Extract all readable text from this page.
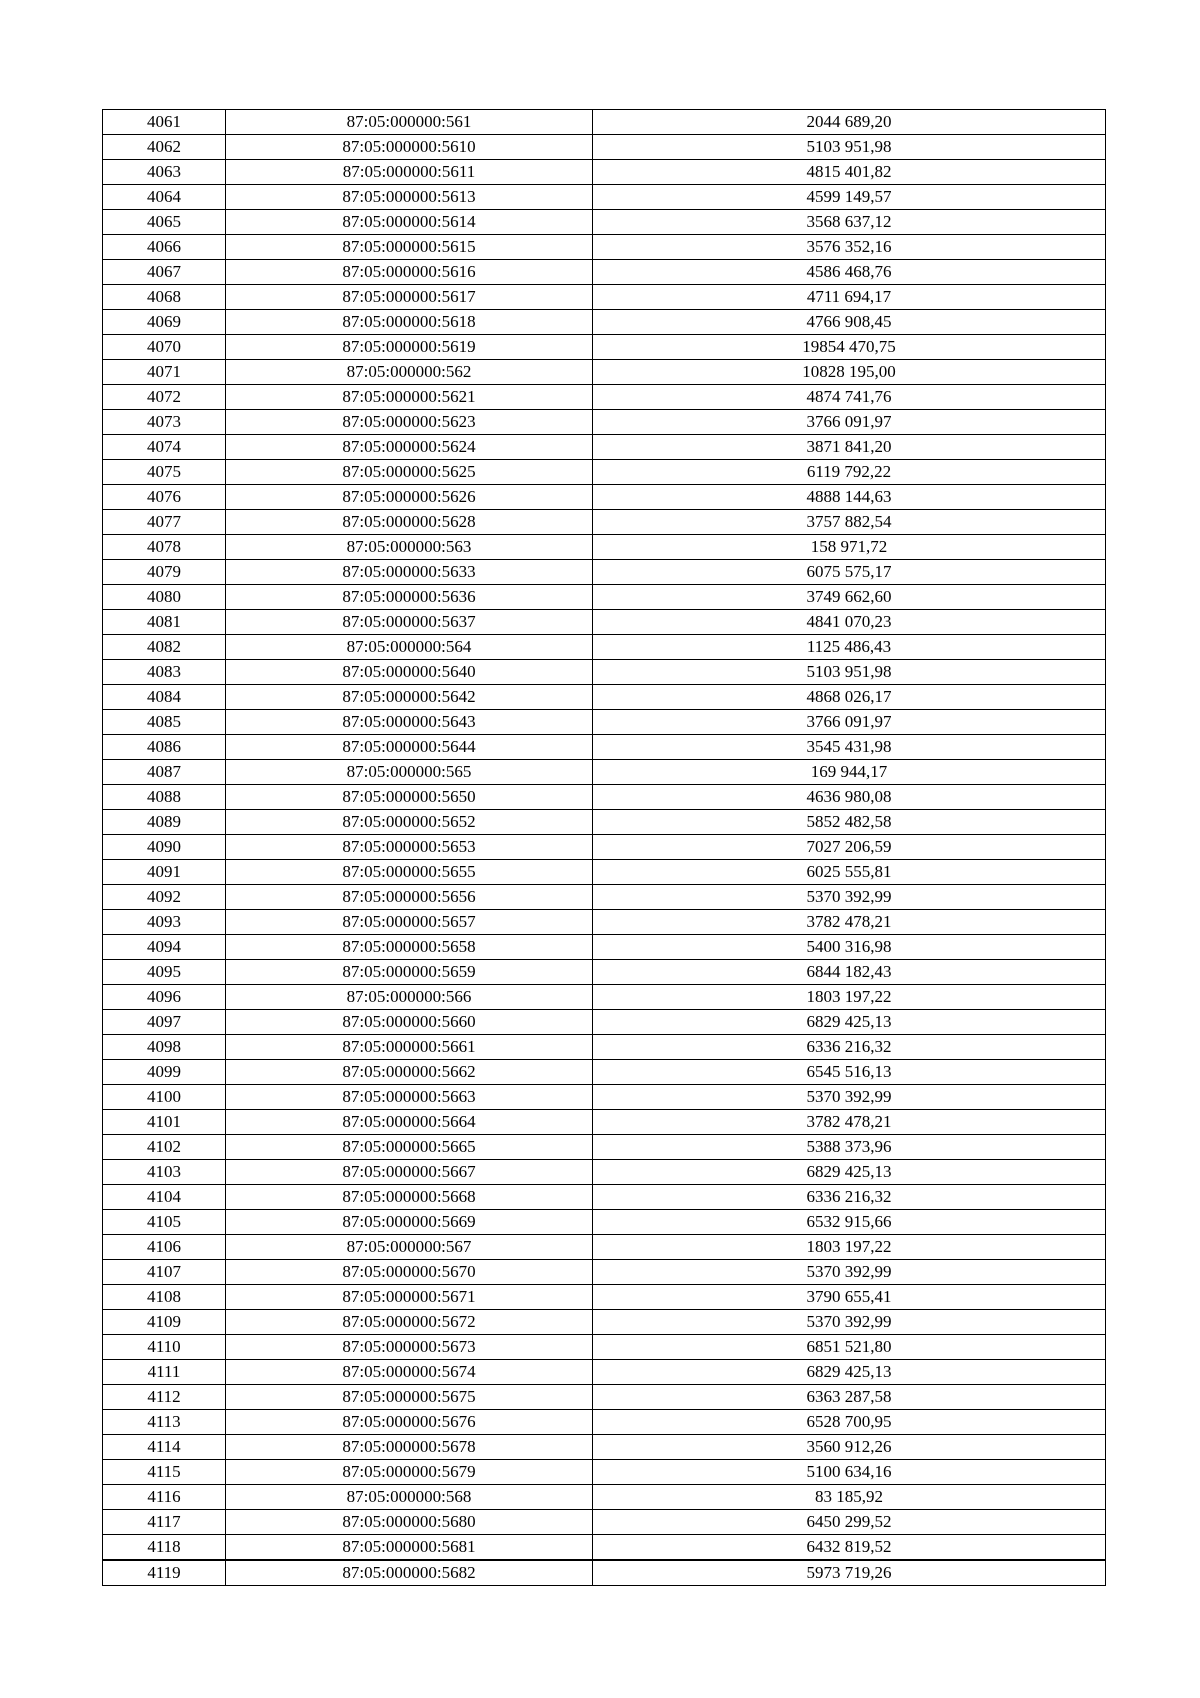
4061	87:05:000000:561	2044 689,20
4062	87:05:000000:5610	5103 951,98
4063	87:05:000000:5611	4815 401,82
4064	87:05:000000:5613	4599 149,57
4065	87:05:000000:5614	3568 637,12
4066	87:05:000000:5615	3576 352,16
4067	87:05:000000:5616	4586 468,76
4068	87:05:000000:5617	4711 694,17
4069	87:05:000000:5618	4766 908,45
4070	87:05:000000:5619	19854 470,75
4071	87:05:000000:562	10828 195,00
4072	87:05:000000:5621	4874 741,76
4073	87:05:000000:5623	3766 091,97
4074	87:05:000000:5624	3871 841,20
4075	87:05:000000:5625	6119 792,22
4076	87:05:000000:5626	4888 144,63
4077	87:05:000000:5628	3757 882,54
4078	87:05:000000:563	158 971,72
4079	87:05:000000:5633	6075 575,17
4080	87:05:000000:5636	3749 662,60
4081	87:05:000000:5637	4841 070,23
4082	87:05:000000:564	1125 486,43
4083	87:05:000000:5640	5103 951,98
4084	87:05:000000:5642	4868 026,17
4085	87:05:000000:5643	3766 091,97
4086	87:05:000000:5644	3545 431,98
4087	87:05:000000:565	169 944,17
4088	87:05:000000:5650	4636 980,08
4089	87:05:000000:5652	5852 482,58
4090	87:05:000000:5653	7027 206,59
4091	87:05:000000:5655	6025 555,81
4092	87:05:000000:5656	5370 392,99
4093	87:05:000000:5657	3782 478,21
4094	87:05:000000:5658	5400 316,98
4095	87:05:000000:5659	6844 182,43
4096	87:05:000000:566	1803 197,22
4097	87:05:000000:5660	6829 425,13
4098	87:05:000000:5661	6336 216,32
4099	87:05:000000:5662	6545 516,13
4100	87:05:000000:5663	5370 392,99
4101	87:05:000000:5664	3782 478,21
4102	87:05:000000:5665	5388 373,96
4103	87:05:000000:5667	6829 425,13
4104	87:05:000000:5668	6336 216,32
4105	87:05:000000:5669	6532 915,66
4106	87:05:000000:567	1803 197,22
4107	87:05:000000:5670	5370 392,99
4108	87:05:000000:5671	3790 655,41
4109	87:05:000000:5672	5370 392,99
4110	87:05:000000:5673	6851 521,80
4111	87:05:000000:5674	6829 425,13
4112	87:05:000000:5675	6363 287,58
4113	87:05:000000:5676	6528 700,95
4114	87:05:000000:5678	3560 912,26
4115	87:05:000000:5679	5100 634,16
4116	87:05:000000:568	83 185,92
4117	87:05:000000:5680	6450 299,52
4118	87:05:000000:5681	6432 819,52
4119	87:05:000000:5682	5973 719,26
